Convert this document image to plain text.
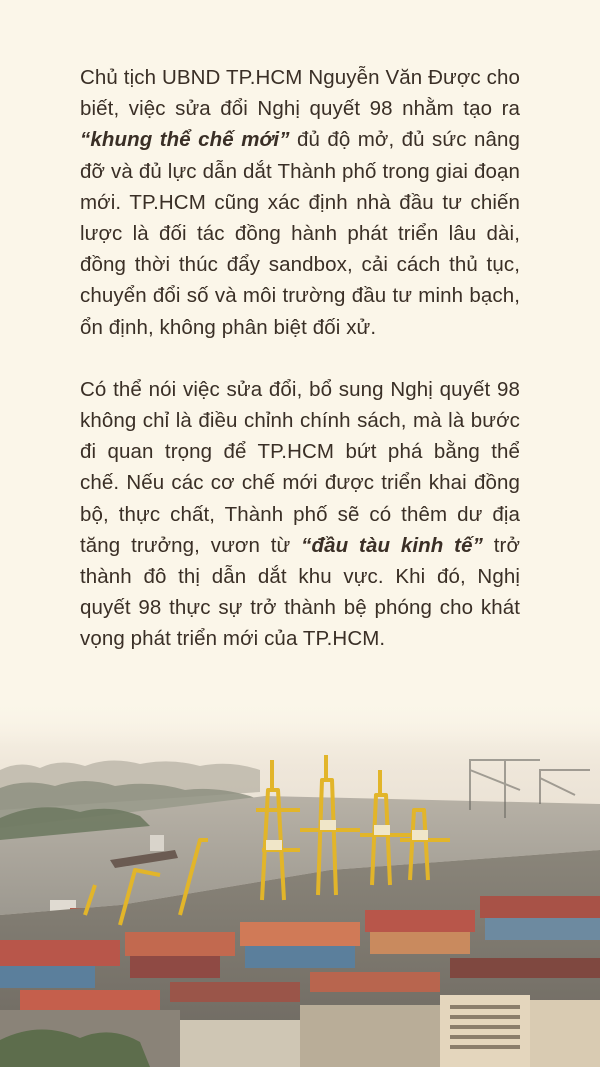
Chủ tịch UBND TP.HCM Nguyễn Văn Được cho biết, việc sửa đổi Nghị quyết 98 nhằm tạo ra “khung thể chế mới” đủ độ mở, đủ sức nâng đỡ và đủ lực dẫn dắt Thành phố trong giai đoạn mới. TP.HCM cũng xác định nhà đầu tư chiến lược là đối tác đồng hành phát triển lâu dài, đồng thời thúc đẩy sandbox, cải cách thủ tục, chuyển đổi số và môi trường đầu tư minh bạch, ổn định, không phân biệt đối xử.

Có thể nói việc sửa đổi, bổ sung Nghị quyết 98 không chỉ là điều chỉnh chính sách, mà là bước đi quan trọng để TP.HCM bứt phá bằng thể chế. Nếu các cơ chế mới được triển khai đồng bộ, thực chất, Thành phố sẽ có thêm dư địa tăng trưởng, vươn từ “đầu tàu kinh tế” trở thành đô thị dẫn dắt khu vực. Khi đó, Nghị quyết 98 thực sự trở thành bệ phóng cho khát vọng phát triển mới của TP.HCM.
